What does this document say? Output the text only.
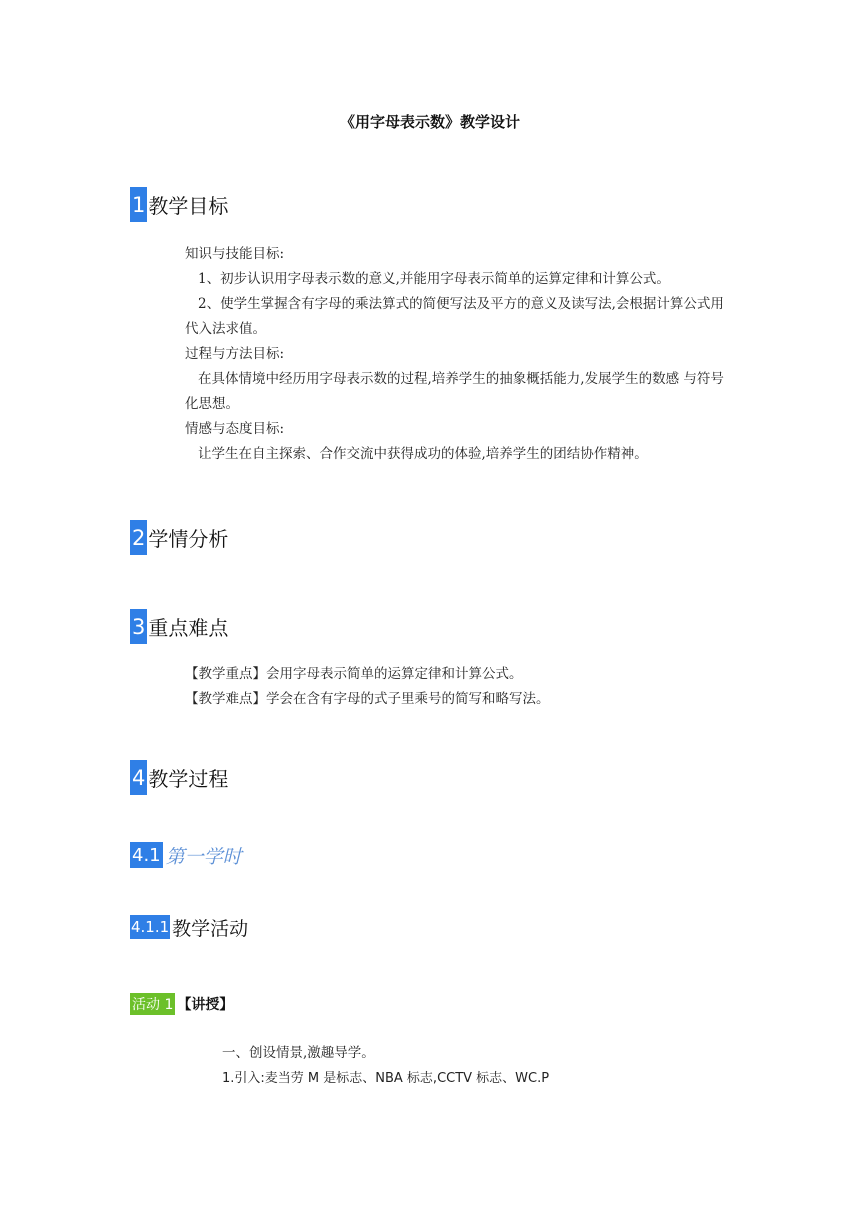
《用字母表示数》教学设计
1 教学目标
知识与技能目标:
1、初步认识用字母表示数的意义,并能用字母表示简单的运算定律和计算公式。
2、使学生掌握含有字母的乘法算式的简便写法及平方的意义及读写法,会根据计算公式用代入法求值。
过程与方法目标:
在具体情境中经历用字母表示数的过程,培养学生的抽象概括能力,发展学生的数感 与符号化思想。
情感与态度目标:
让学生在自主探索、合作交流中获得成功的体验,培养学生的团结协作精神。
2 学情分析
3 重点难点
【教学重点】会用字母表示简单的运算定律和计算公式。
【教学难点】学会在含有字母的式子里乘号的简写和略写法。
4 教学过程
4.1 第一学时
4.1.1 教学活动
活动 1 【讲授】
一、创设情景,激趣导学。
1.引入:麦当劳 M 是标志、NBA 标志,CCTV 标志、WC.P
